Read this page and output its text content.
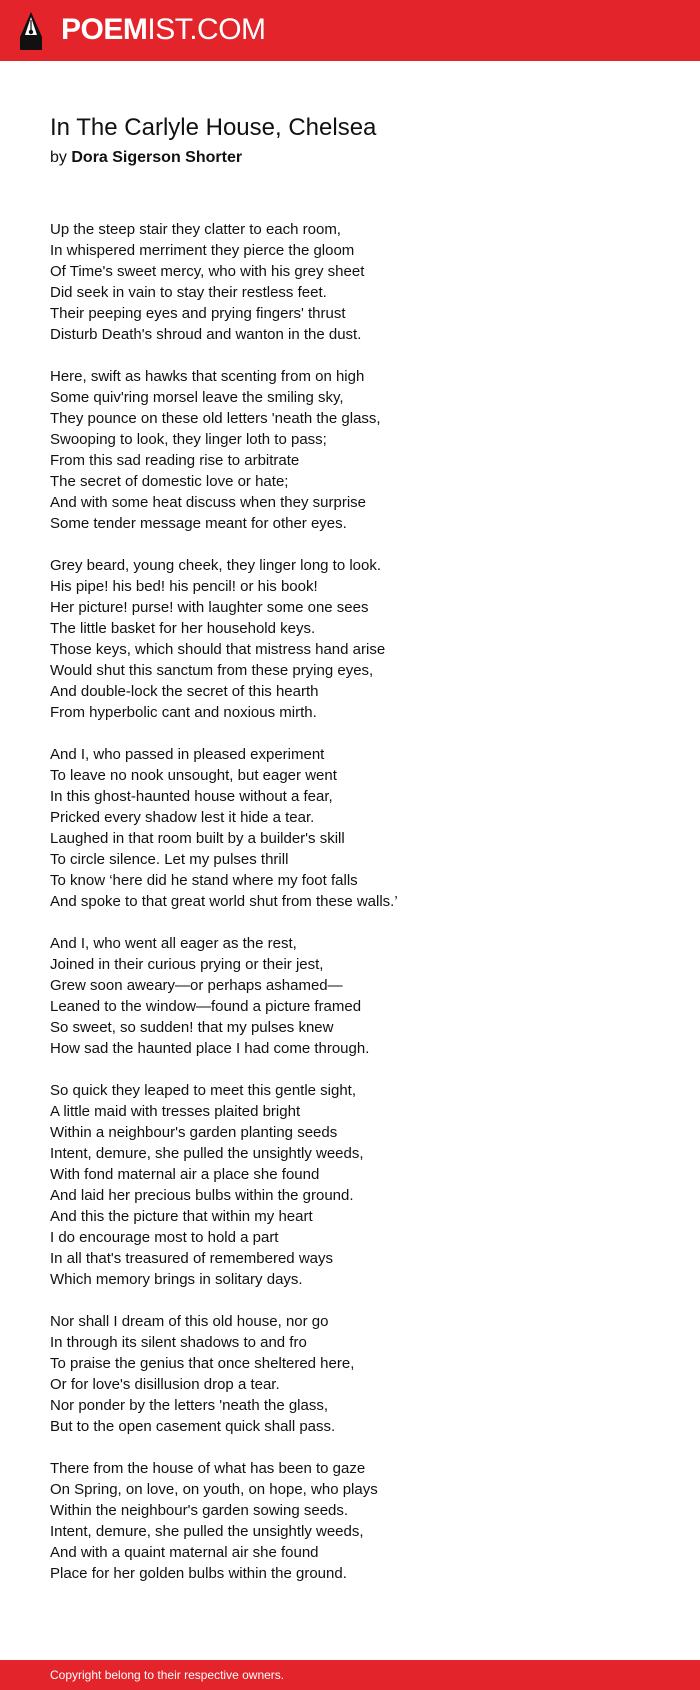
POEMIST.COM
In The Carlyle House, Chelsea
by Dora Sigerson Shorter
Up the steep stair they clatter to each room,
In whispered merriment they pierce the gloom
Of Time's sweet mercy, who with his grey sheet
Did seek in vain to stay their restless feet.
Their peeping eyes and prying fingers' thrust
Disturb Death's shroud and wanton in the dust.
Here, swift as hawks that scenting from on high
Some quiv'ring morsel leave the smiling sky,
They pounce on these old letters 'neath the glass,
Swooping to look, they linger loth to pass;
From this sad reading rise to arbitrate
The secret of domestic love or hate;
And with some heat discuss when they surprise
Some tender message meant for other eyes.
Grey beard, young cheek, they linger long to look.
His pipe! his bed! his pencil! or his book!
Her picture! purse! with laughter some one sees
The little basket for her household keys.
Those keys, which should that mistress hand arise
Would shut this sanctum from these prying eyes,
And double-lock the secret of this hearth
From hyperbolic cant and noxious mirth.
And I, who passed in pleased experiment
To leave no nook unsought, but eager went
In this ghost-haunted house without a fear,
Pricked every shadow lest it hide a tear.
Laughed in that room built by a builder's skill
To circle silence. Let my pulses thrill
To know ‘here did he stand where my foot falls
And spoke to that great world shut from these walls.’
And I, who went all eager as the rest,
Joined in their curious prying or their jest,
Grew soon aweary—or perhaps ashamed—
Leaned to the window—found a picture framed
So sweet, so sudden! that my pulses knew
How sad the haunted place I had come through.
So quick they leaped to meet this gentle sight,
A little maid with tresses plaited bright
Within a neighbour's garden planting seeds
Intent, demure, she pulled the unsightly weeds,
With fond maternal air a place she found
And laid her precious bulbs within the ground.
And this the picture that within my heart
I do encourage most to hold a part
In all that's treasured of remembered ways
Which memory brings in solitary days.
Nor shall I dream of this old house, nor go
In through its silent shadows to and fro
To praise the genius that once sheltered here,
Or for love's disillusion drop a tear.
Nor ponder by the letters 'neath the glass,
But to the open casement quick shall pass.
There from the house of what has been to gaze
On Spring, on love, on youth, on hope, who plays
Within the neighbour's garden sowing seeds.
Intent, demure, she pulled the unsightly weeds,
And with a quaint maternal air she found
Place for her golden bulbs within the ground.
Copyright belong to their respective owners.
